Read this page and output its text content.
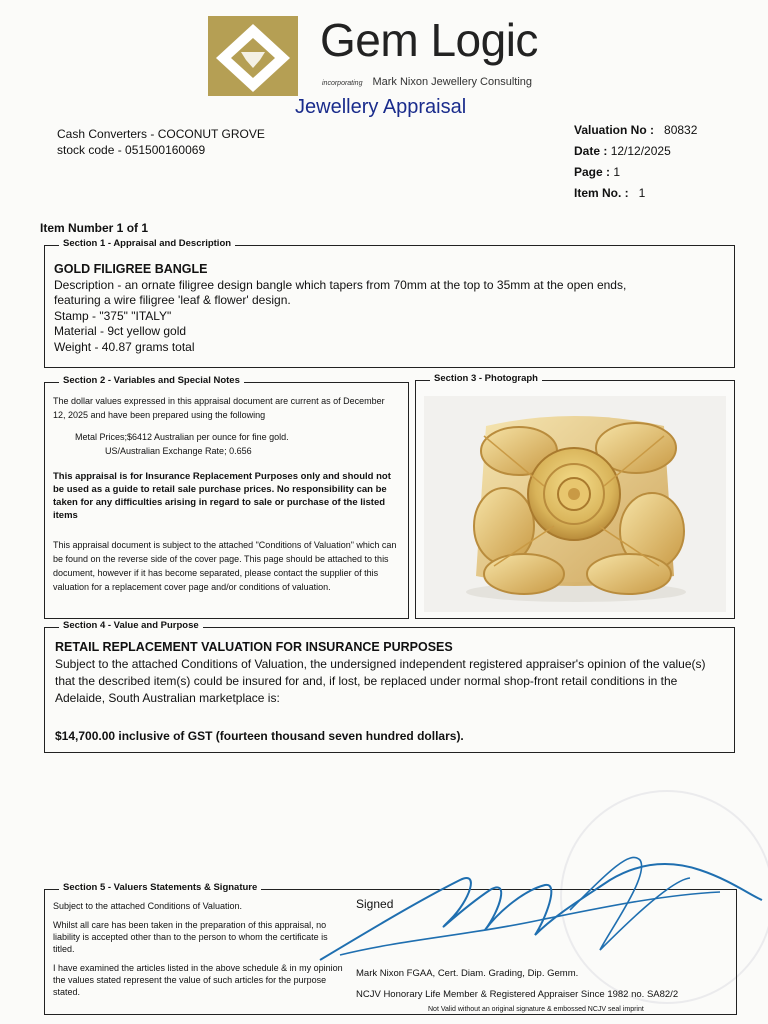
Gem Logic
incorporating Mark Nixon Jewellery Consulting
Jewellery Appraisal
Cash Converters - COCONUT GROVE
stock code - 051500160069
Valuation No : 80832
Date : 12/12/2025
Page : 1
Item No. : 1
Item Number 1 of 1
Section 1 - Appraisal and Description
GOLD FILIGREE BANGLE
Description - an ornate filigree design bangle which tapers from 70mm at the top to 35mm at the open ends,
featuring a wire filigree 'leaf & flower' design.
Stamp - "375" "ITALY"
Material - 9ct yellow gold
Weight - 40.87 grams total
Section 2 - Variables and Special Notes

The dollar values expressed in this appraisal document are current as of December 12, 2025 and have been prepared using the following

Metal Prices;$6412 Australian per ounce for fine gold.
US/Australian Exchange Rate; 0.656

This appraisal is for Insurance Replacement Purposes only and should not be used as a guide to retail sale purchase prices. No responsibility can be taken for any difficulties arising in regard to sale or purchase of the listed items

This appraisal document is subject to the attached "Conditions of Valuation" which can be found on the reverse side of the cover page. This page should be attached to this document, however if it has become separated, please contact the supplier of this valuation for a replacement cover page and/or conditions of valuation.

Section 3 - Photograph
Section 4 - Value and Purpose
RETAIL REPLACEMENT VALUATION FOR INSURANCE PURPOSES
Subject to the attached Conditions of Valuation, the undersigned independent registered appraiser's opinion of the value(s) that the described item(s) could be insured for and, if lost, be replaced under normal shop-front retail conditions in the Adelaide, South Australian marketplace is:
$14,700.00 inclusive of GST (fourteen thousand seven hundred dollars).
Section 5 - Valuers Statements & Signature

Subject to the attached Conditions of Valuation.

Whilst all care has been taken in the preparation of this appraisal, no liability is accepted other than to the person to whom the certificate is titled.

I have examined the articles listed in the above schedule & in my opinion the values stated represent the value of such articles for the purpose stated.

Signed
Mark Nixon FGAA, Cert. Diam. Grading, Dip. Gemm.
NCJV Honorary Life Member & Registered Appraiser Since 1982 no. SA82/2
Not Valid without an original signature & embossed NCJV seal imprint
